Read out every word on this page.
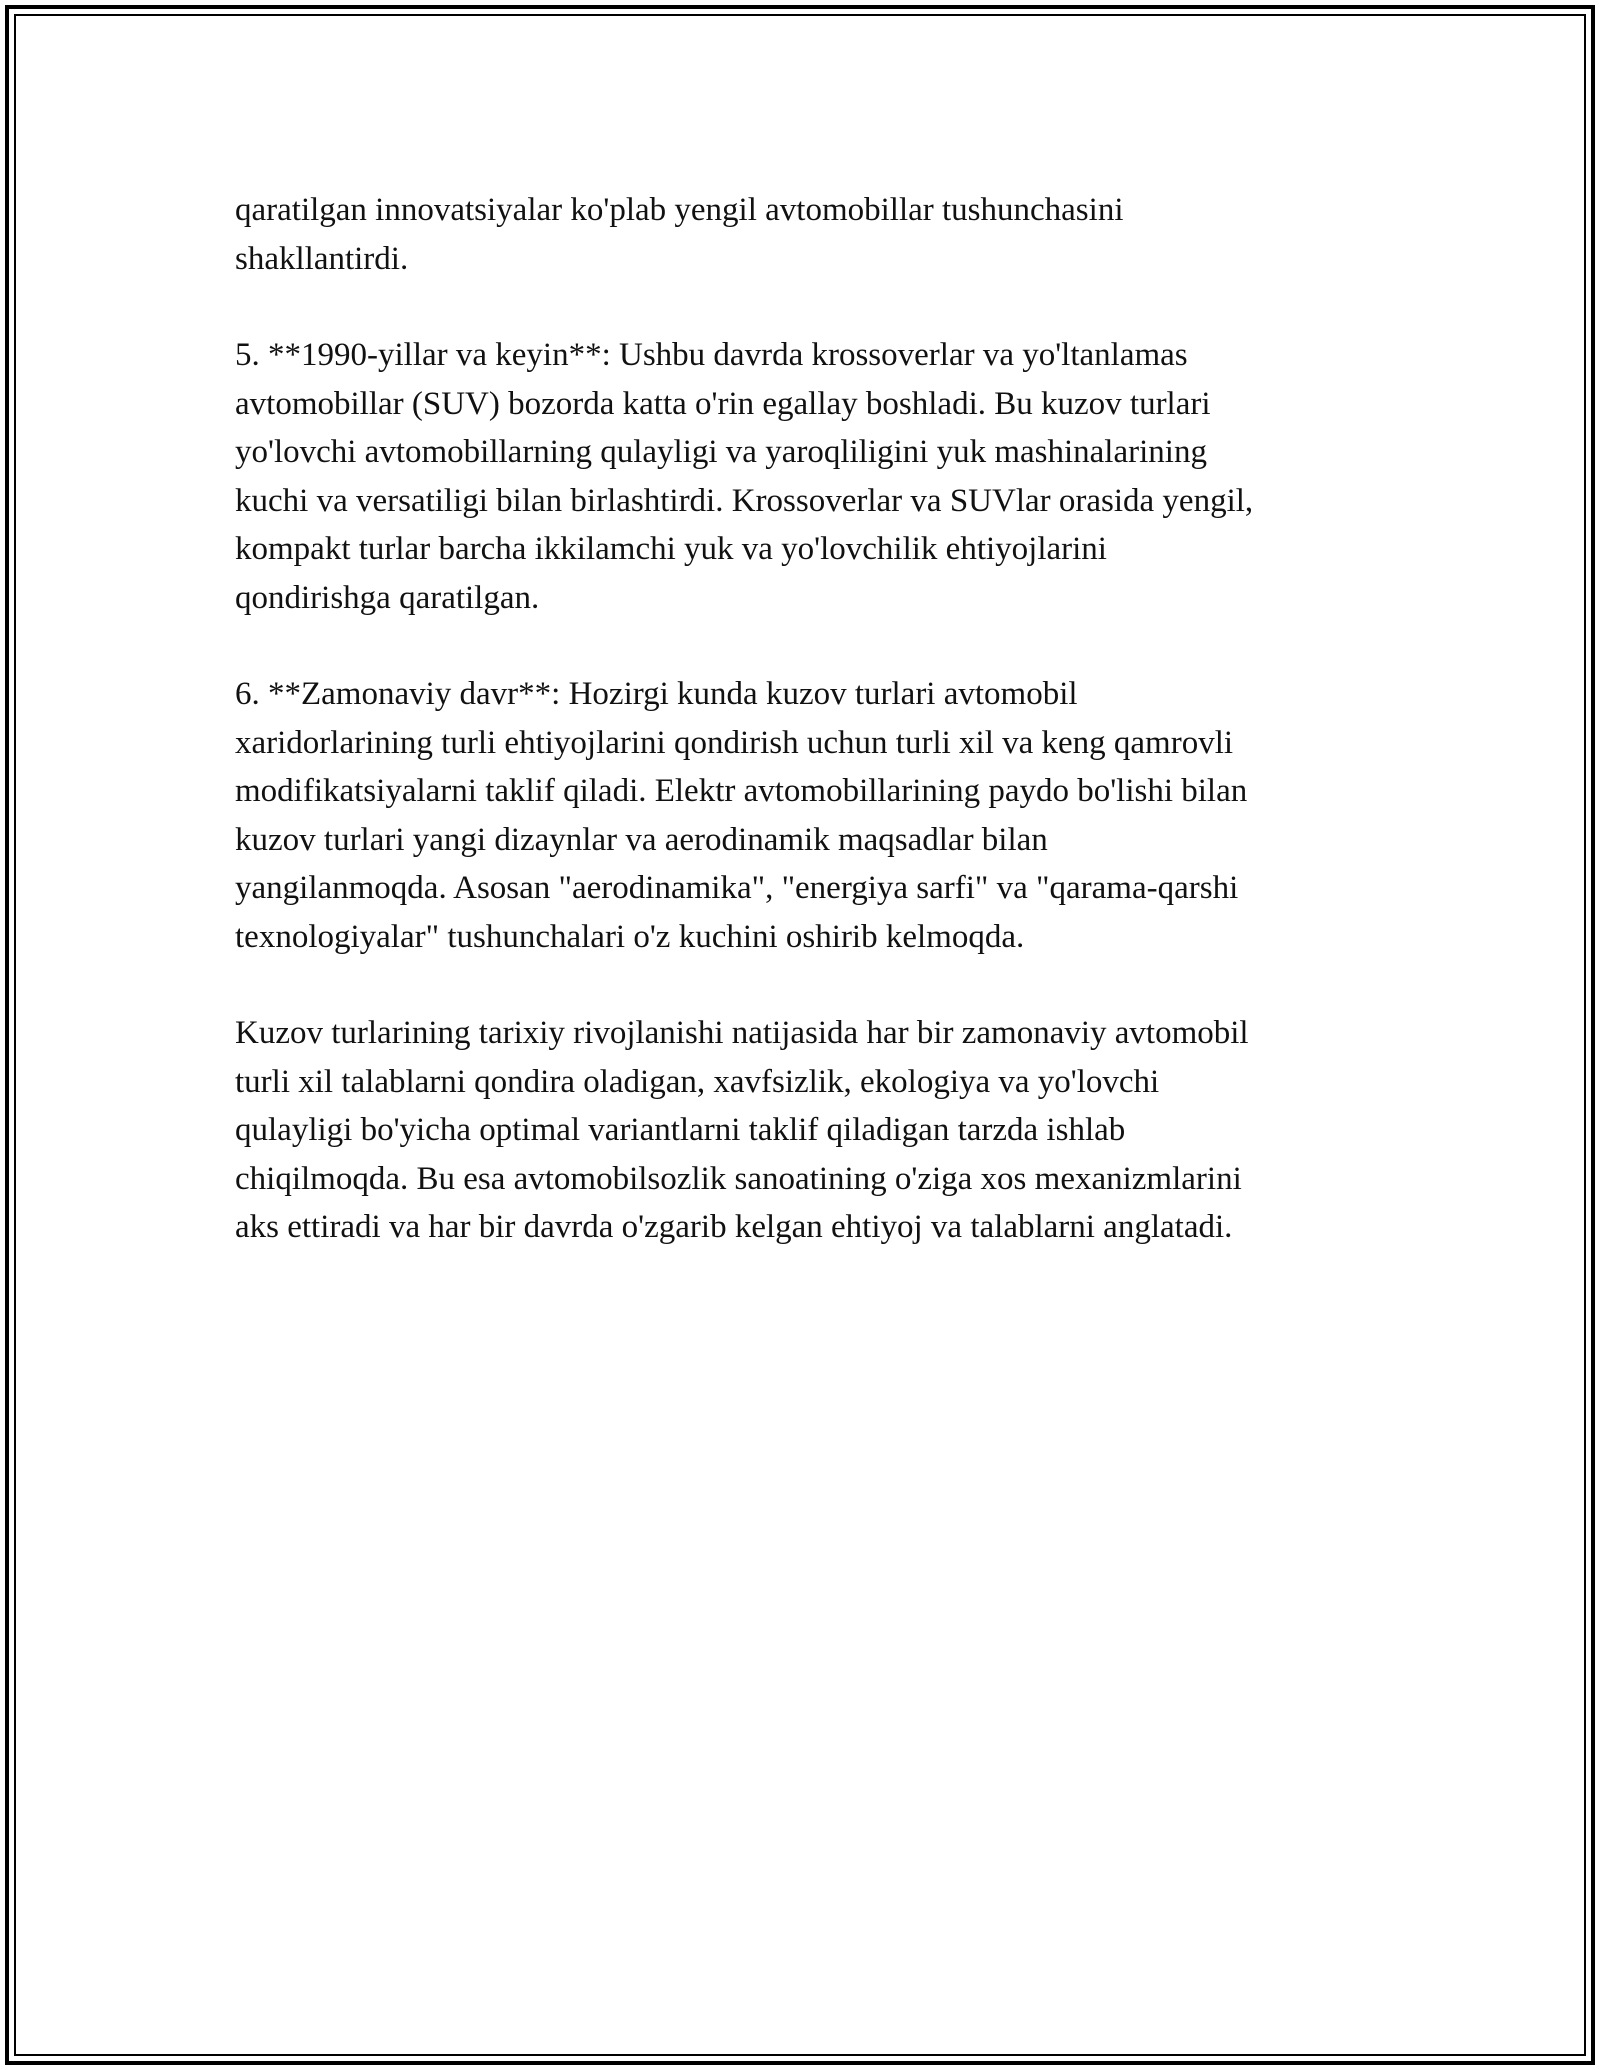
qaratilgan innovatsiyalar ko'plab yengil avtomobillar tushunchasini
shakllantirdi.

5. **1990-yillar va keyin**: Ushbu davrda krossoverlar va yo'ltanlamas
avtomobillar (SUV) bozorda katta o'rin egallay boshladi. Bu kuzov turlari
yo'lovchi avtomobillarning qulayligi va yaroqliligini yuk mashinalarining
kuchi va versatiligi bilan birlashtirdi. Krossoverlar va SUVlar orasida yengil,
kompakt turlar barcha ikkilamchi yuk va yo'lovchilik ehtiyojlarini
qondirishga qaratilgan.

6. **Zamonaviy davr**: Hozirgi kunda kuzov turlari avtomobil
xaridorlarining turli ehtiyojlarini qondirish uchun turli xil va keng qamrovli
modifikatsiyalarni taklif qiladi. Elektr avtomobillarining paydo bo'lishi bilan
kuzov turlari yangi dizaynlar va aerodinamik maqsadlar bilan
yangilanmoqda. Asosan "aerodinamika", "energiya sarfi" va "qarama-qarshi
texnologiyalar" tushunchalari o'z kuchini oshirib kelmoqda.

Kuzov turlarining tarixiy rivojlanishi natijasida har bir zamonaviy avtomobil
turli xil talablarni qondira oladigan, xavfsizlik, ekologiya va yo'lovchi
qulayligi bo'yicha optimal variantlarni taklif qiladigan tarzda ishlab
chiqilmoqda. Bu esa avtomobilsozlik sanoatining o'ziga xos mexanizmlarini
aks ettiradi va har bir davrda o'zgarib kelgan ehtiyoj va talablarni anglatadi.
